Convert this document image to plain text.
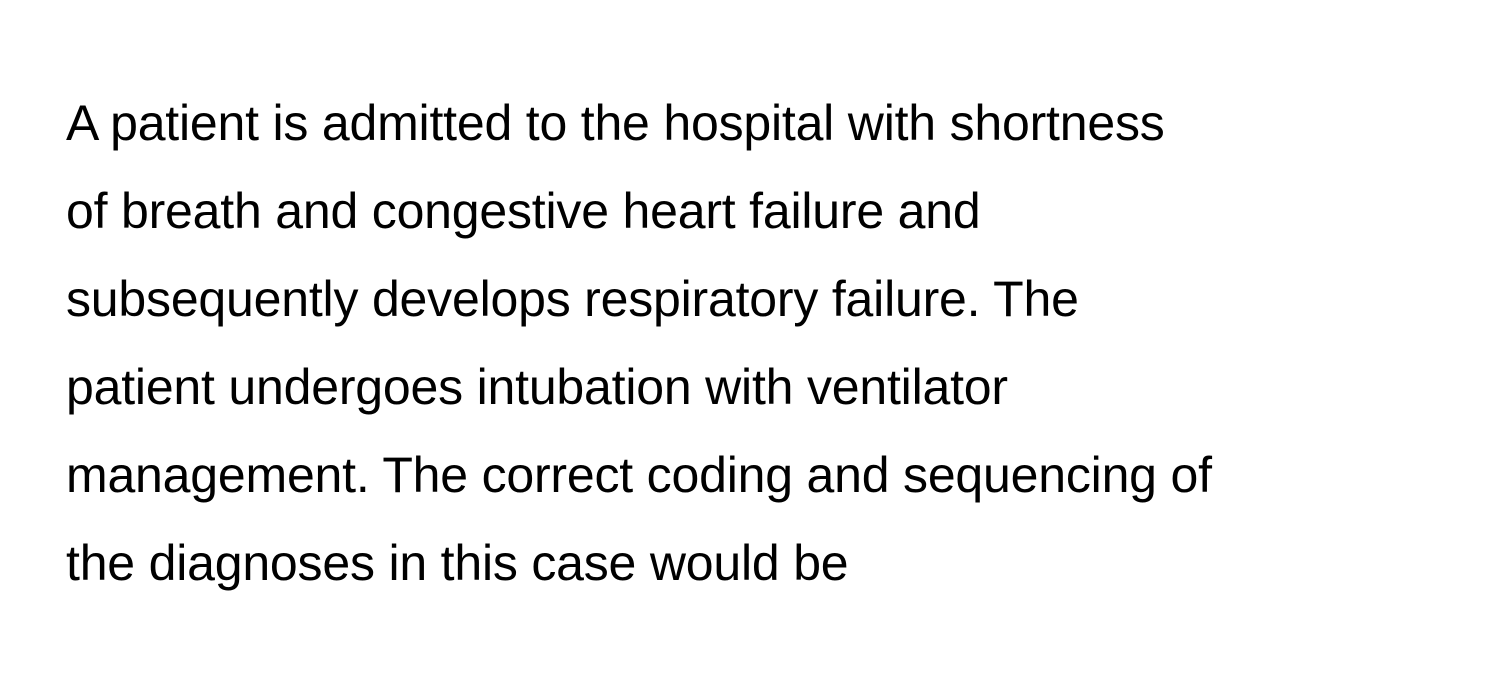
A patient is admitted to the hospital with shortness
of breath and congestive heart failure and
subsequently develops respiratory failure. The
patient undergoes intubation with ventilator
management. The correct coding and sequencing of
the diagnoses in this case would be
